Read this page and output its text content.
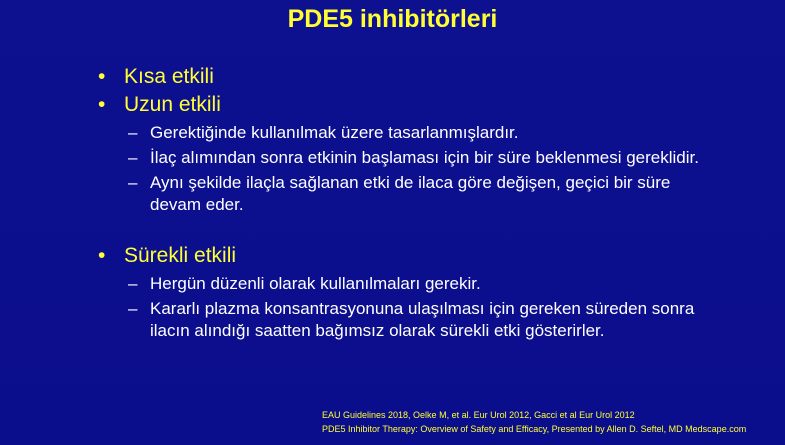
PDE5 inhibitörleri
• Kısa etkili
• Uzun etkili
– Gerektiğinde kullanılmak üzere tasarlanmışlardır.
– İlaç alımından sonra etkinin başlaması için bir süre beklenmesi gereklidir.
– Aynı şekilde ilaçla sağlanan etki de ilaca göre değişen, geçici bir süre devam eder.
• Sürekli etkili
– Hergün düzenli olarak kullanılmaları gerekir.
– Kararlı plazma konsantrasyonuna ulaşılması için gereken süreden sonra ilacın alındığı saatten bağımsız olarak sürekli etki gösterirler.
EAU Guidelines 2018, Oelke M, et al. Eur Urol 2012, Gacci et al Eur Urol 2012
PDE5 Inhibitor Therapy: Overview of Safety and Efficacy, Presented by Allen D. Seftel, MD Medscape.com
